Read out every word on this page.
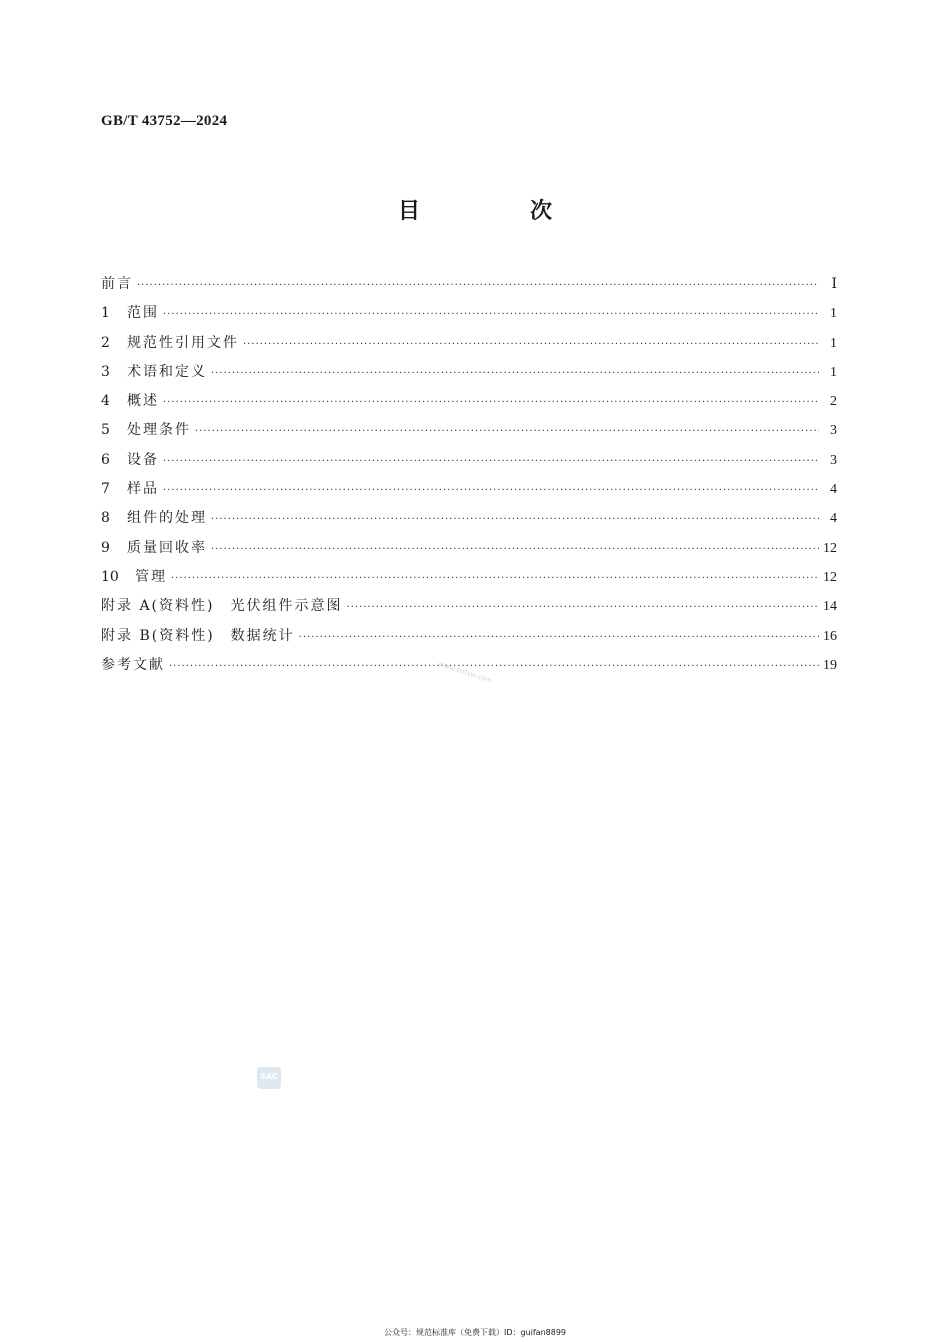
GB/T 43752—2024
目　次
前言 ·····	Ⅰ
1 范围 ·····	1
2 规范性引用文件 ·····	1
3 术语和定义 ·····	1
4 概述 ·····	2
5 处理条件 ·····	3
6 设备 ·····	3
7 样品 ·····	4
8 组件的处理 ·····	4
9 质量回收率 ·····	12
10 管理 ·····	12
附录 A(资料性)　光伏组件示意图 ·····	14
附录 B(资料性)　数据统计 ·····	16
参考文献 ·····	19
www.bzfxw.com
SAC
公众号：规范标准库（免费下载）ID：guifan8899
